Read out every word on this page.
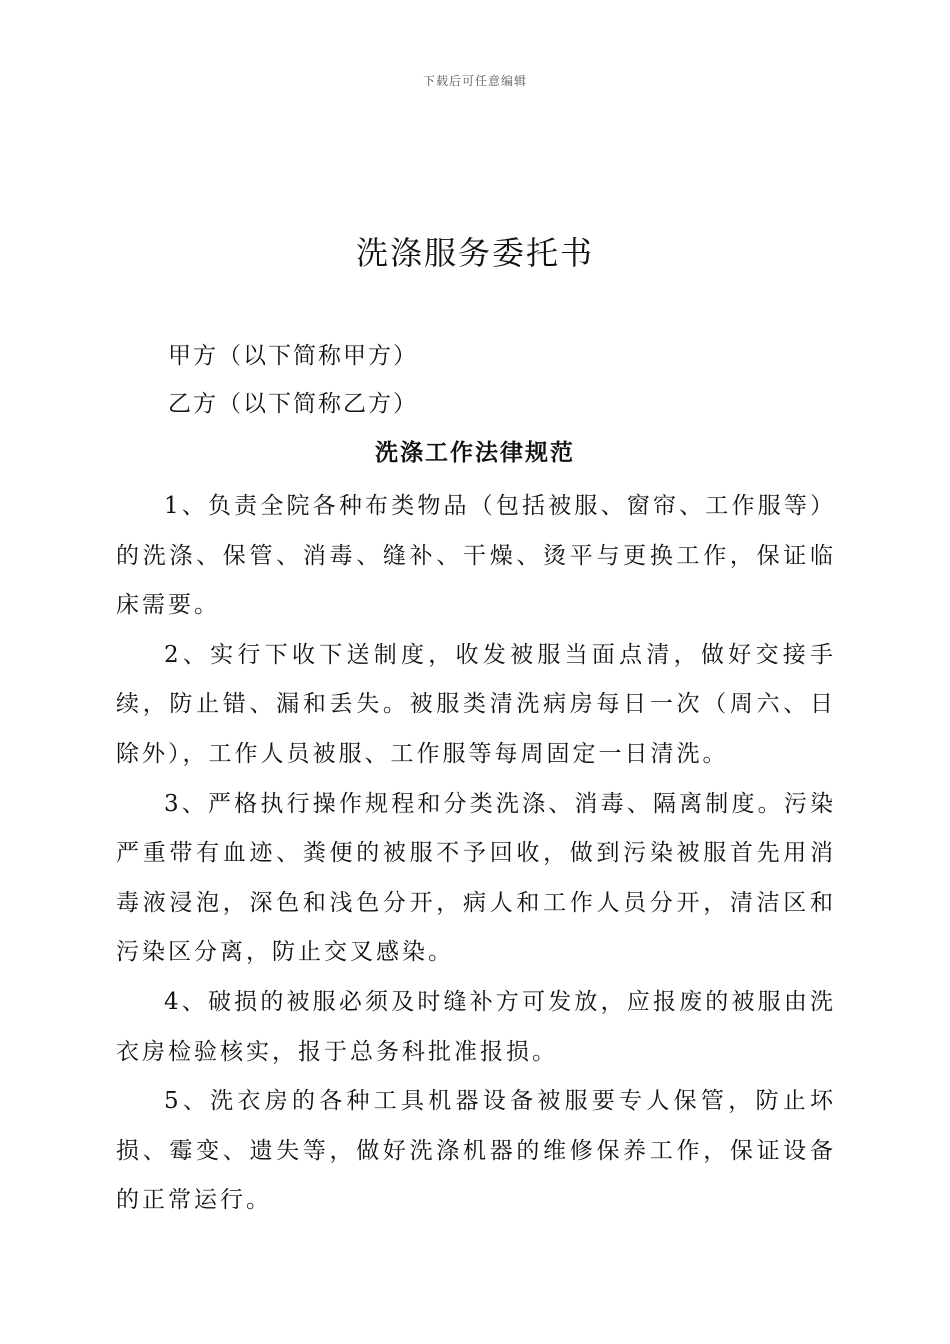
下载后可任意编辑
洗涤服务委托书
甲方（以下简称甲方）
乙方（以下简称乙方）
洗涤工作法律规范

1、负责全院各种布类物品（包括被服、窗帘、工作服等）的洗涤、保管、消毒、缝补、干燥、烫平与更换工作，保证临床需要。

2、实行下收下送制度，收发被服当面点清，做好交接手续，防止错、漏和丢失。被服类清洗病房每日一次（周六、日除外），工作人员被服、工作服等每周固定一日清洗。

3、严格执行操作规程和分类洗涤、消毒、隔离制度。污染严重带有血迹、粪便的被服不予回收，做到污染被服首先用消毒液浸泡，深色和浅色分开，病人和工作人员分开，清洁区和污染区分离，防止交叉感染。

4、破损的被服必须及时缝补方可发放，应报废的被服由洗衣房检验核实，报于总务科批准报损。

5、洗衣房的各种工具机器设备被服要专人保管，防止坏损、霉变、遗失等，做好洗涤机器的维修保养工作，保证设备的正常运行。
